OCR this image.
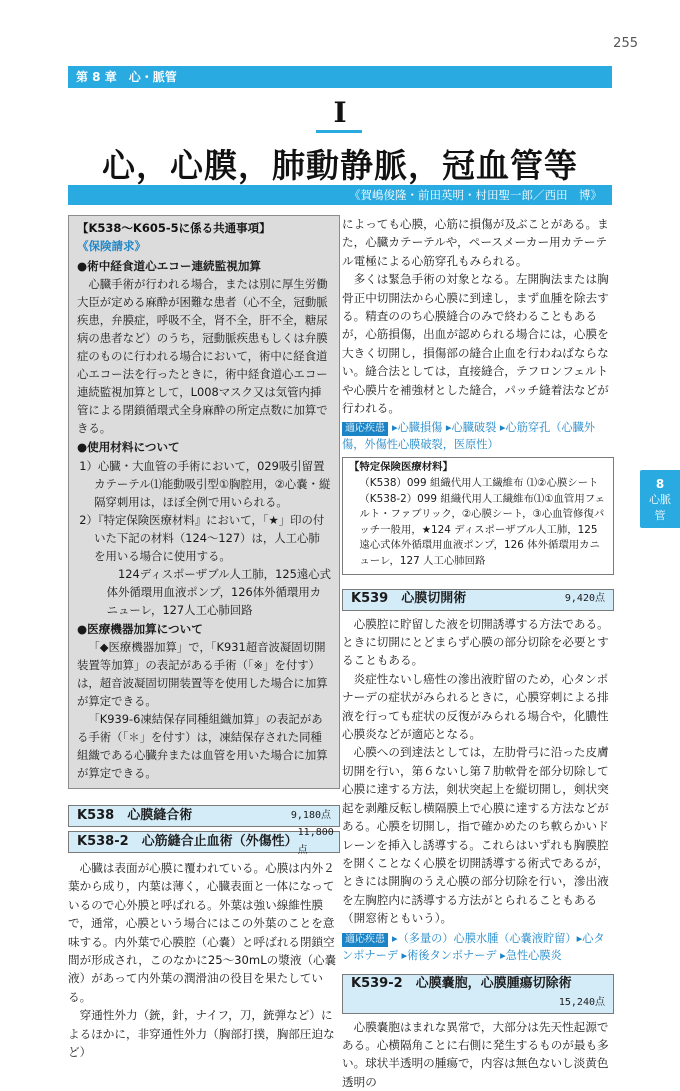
255
第 8 章　心・脈管
I
心，心膜，肺動静脈，冠血管等
《賀嶋俊隆・前田英明・村田聖一郎／西田　博》
8
心脈
管
【K538〜K605-5に係る共通事項】
《保険請求》
●術中経食道心エコー連続監視加算

心臓手術が行われる場合，または別に厚生労働大臣が定める麻酔が困難な患者（心不全，冠動脈疾患，弁膜症，呼吸不全，肾不全，肝不全，糖尿病の患者など）のうち，冠動脈疾患もしくは弁膜症のものに行われる場合において，術中に経食道心エコー法を行ったときに，術中経食道心エコー連続監視加算として，L008マスク又は気管内挿管による閉鎖循環式全身麻酔の所定点数に加算できる。

●使用材料について
1）心臓・大血管の手術において，029吸引留置カテーテル⑴能動吸引型①胸腔用，②心嚢・縦隔穿刺用は，ほぼ全例で用いられる。
2）『特定保険医療材料』において，「★」印の付いた下記の材料（124〜127）は，人工心肺を用いる場合に使用する。
124ディスポーザブル人工肺，125遠心式体外循環用血液ポンプ，126体外循環用カニューレ，127人工心肺回路
●医療機器加算について

「◆医療機器加算」で，「K931超音波凝固切開装置等加算」の表記がある手術（「※」を付す）は，超音波凝固切開装置等を使用した場合に加算が算定できる。

「K939-6凍結保存同種組織加算」の表記がある手術（「＊」を付す）は，凍結保存された同種組織である心臓弁または血管を用いた場合に加算が算定できる。

K538　心膜縫合術	9,180点
K538-2　心筋縫合止血術（外傷性）
11,800点

心臓は表面が心膜に覆われている。心膜は内外２葉から成り，内葉は薄く，心臓表面と一体になっているので心外膜と呼ばれる。外葉は強い線維性膜で，通常，心膜という場合にはこの外葉のことを意味する。内外葉で心膜腔（心嚢）と呼ばれる閉鎖空間が形成され，このなかに25〜30mLの漿液（心嚢液）があって内外葉の潤滑油の役目を果たしている。

穿通性外力（銃，針，ナイフ，刀，銃弾など）によるほかに，非穿通性外力（胸部打撲，胸部圧迫など）

によっても心膜，心筋に損傷が及ぶことがある。また，心臓カテーテルや，ペースメーカー用カテーテル電極による心筋穿孔もみられる。

多くは緊急手術の対象となる。左開胸法または胸骨正中切開法から心膜に到達し，まず血腫を除去する。精査ののち心膜縫合のみで終わることもあるが，心筋損傷，出血が認められる場合には，心膜を大きく切開し，損傷部の縫合止血を行わねばならない。縫合法としては，直接縫合，テフロンフェルトや心膜片を補強材とした縫合，パッチ縫着法などが行われる。

適応疾患 ▸心臓損傷 ▸心臓破裂 ▸心筋穿孔（心臓外傷，外傷性心膜破裂，医原性）
【特定保険医療材料】
（K538）099 組織代用人工繊維布 ⑴②心膜シート
（K538-2）099 組織代用人工繊維布⑴①血管用フェルト・ファブリック，②心膜シート，③心血管修復パッチ一般用，★124 ディスポーザブル人工肺，125 遠心式体外循環用血液ポンプ，126 体外循環用カニューレ，127 人工心肺回路
K539　心膜切開術	9,420点

心膜腔に貯留した液を切開誘導する方法である。ときに切開にとどまらず心膜の部分切除を必要とすることもある。

炎症性ないし癌性の滲出液貯留のため，心タンポナーデの症状がみられるときに，心膜穿刺による排液を行っても症状の反復がみられる場合や，化膿性心膜炎などが適応となる。

心膜への到達法としては，左肋骨弓に沿った皮膚切開を行い，第６ないし第７肋軟骨を部分切除して心膜に達する方法，剣状突起上を縦切開し，剣状突起を剥離反転し横隔膜上で心膜に達する方法などがある。心膜を切開し，指で確かめたのち軟らかいドレーンを挿入し誘導する。これらはいずれも胸膜腔を開くことなく心膜を切開誘導する術式であるが，ときには開胸のうえ心膜の部分切除を行い，滲出液を左胸腔内に誘導する方法がとられることもある（開窓術ともいう）。

適応疾患 ▸（多量の）心膜水腫（心嚢液貯留）▸心タンポナーデ ▸術後タンポナーデ ▸急性心膜炎
K539-2　心膜嚢胞，心膜腫瘍切除術
15,240点

心膜嚢胞はまれな異常で，大部分は先天性起源である。心横隔角ことに右側に発生するものが最も多い。球状半透明の腫瘍で，内容は無色ないし淡黄色透明の
